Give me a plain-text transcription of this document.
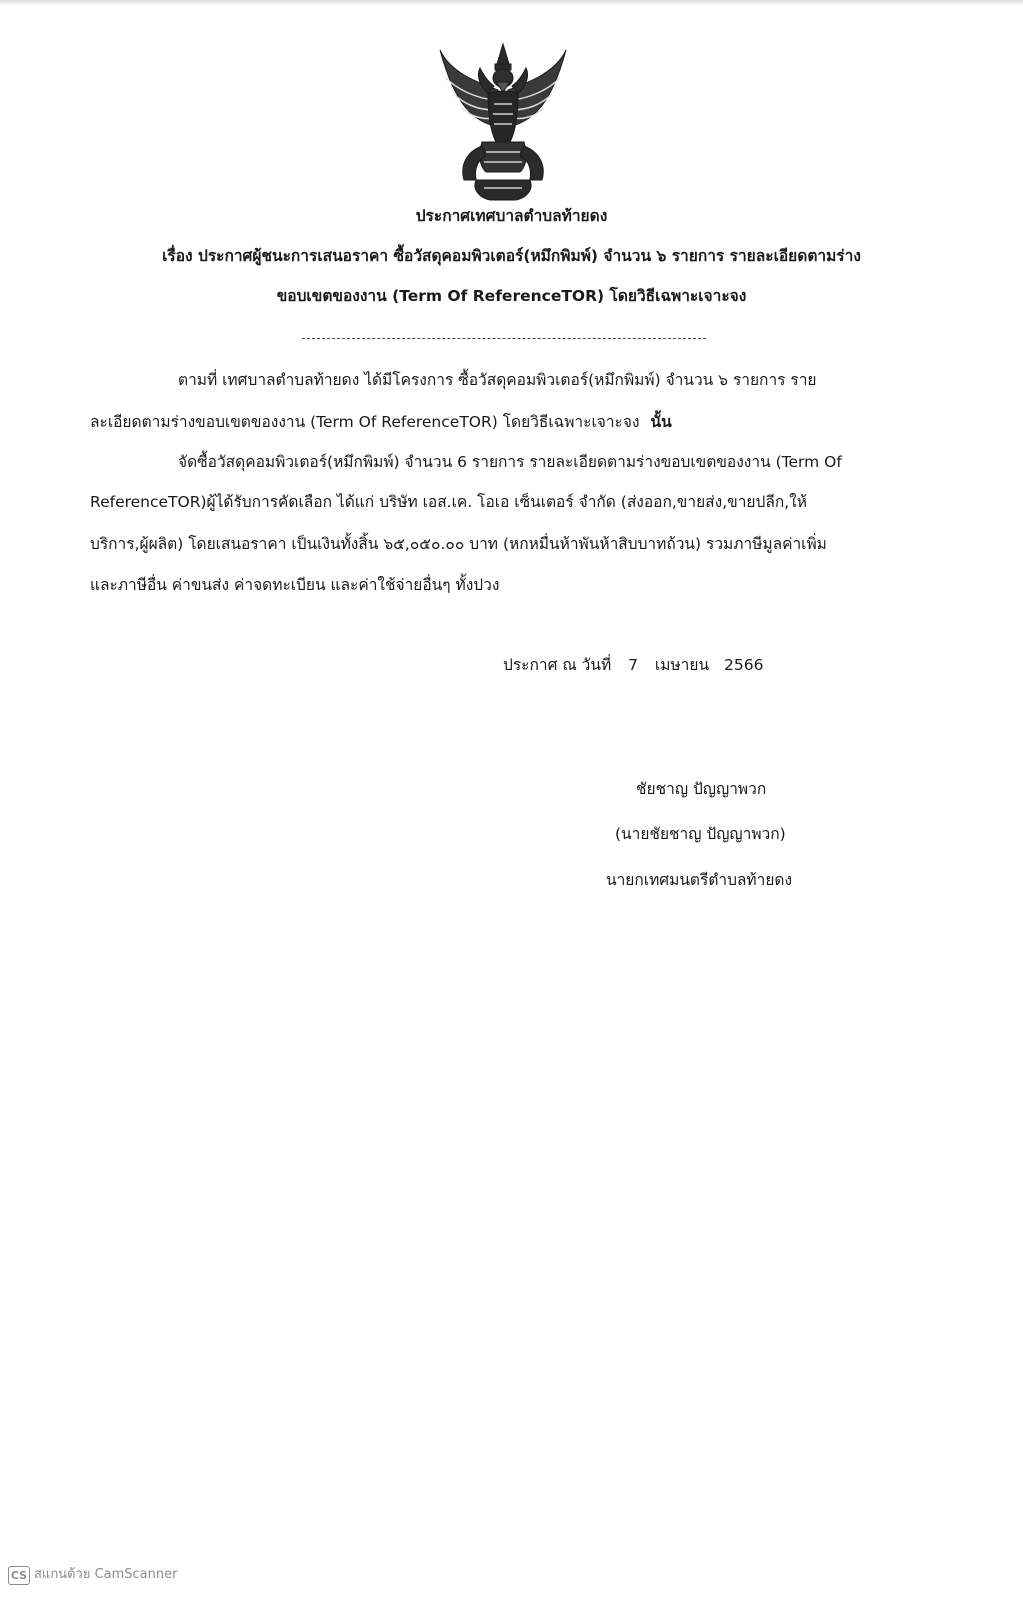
ประกาศเทศบาลตำบลท้ายดง
เรื่อง ประกาศผู้ชนะการเสนอราคา ซื้อวัสดุคอมพิวเตอร์(หมึกพิมพ์) จำนวน ๖ รายการ รายละเอียดตามร่าง
ขอบเขตของงาน (Term Of ReferenceTOR) โดยวิธีเฉพาะเจาะจง
ตามที่ เทศบาลตำบลท้ายดง ได้มีโครงการ ซื้อวัสดุคอมพิวเตอร์(หมึกพิมพ์) จำนวน ๖ รายการ ราย
ละเอียดตามร่างขอบเขตของงาน (Term Of ReferenceTOR) โดยวิธีเฉพาะเจาะจง นั้น
จัดซื้อวัสดุคอมพิวเตอร์(หมึกพิมพ์) จำนวน 6 รายการ รายละเอียดตามร่างขอบเขตของงาน (Term Of
ReferenceTOR)ผู้ได้รับการคัดเลือก ได้แก่ บริษัท เอส.เค. โอเอ เซ็นเตอร์ จำกัด (ส่งออก,ขายส่ง,ขายปลีก,ให้
บริการ,ผู้ผลิต) โดยเสนอราคา เป็นเงินทั้งสิ้น ๖๕,๐๕๐.๐๐ บาท (หกหมื่นห้าพันห้าสิบบาทถ้วน) รวมภาษีมูลค่าเพิ่ม
และภาษีอื่น ค่าขนส่ง ค่าจดทะเบียน และค่าใช้จ่ายอื่นๆ ทั้งปวง
ประกาศ ณ วันที่ 7 เมษายน 2566
ชัยชาญ ปัญญาพวก
(นายชัยชาญ ปัญญาพวก)
นายกเทศมนตรีตำบลท้ายดง
CS สแกนด้วย CamScanner
